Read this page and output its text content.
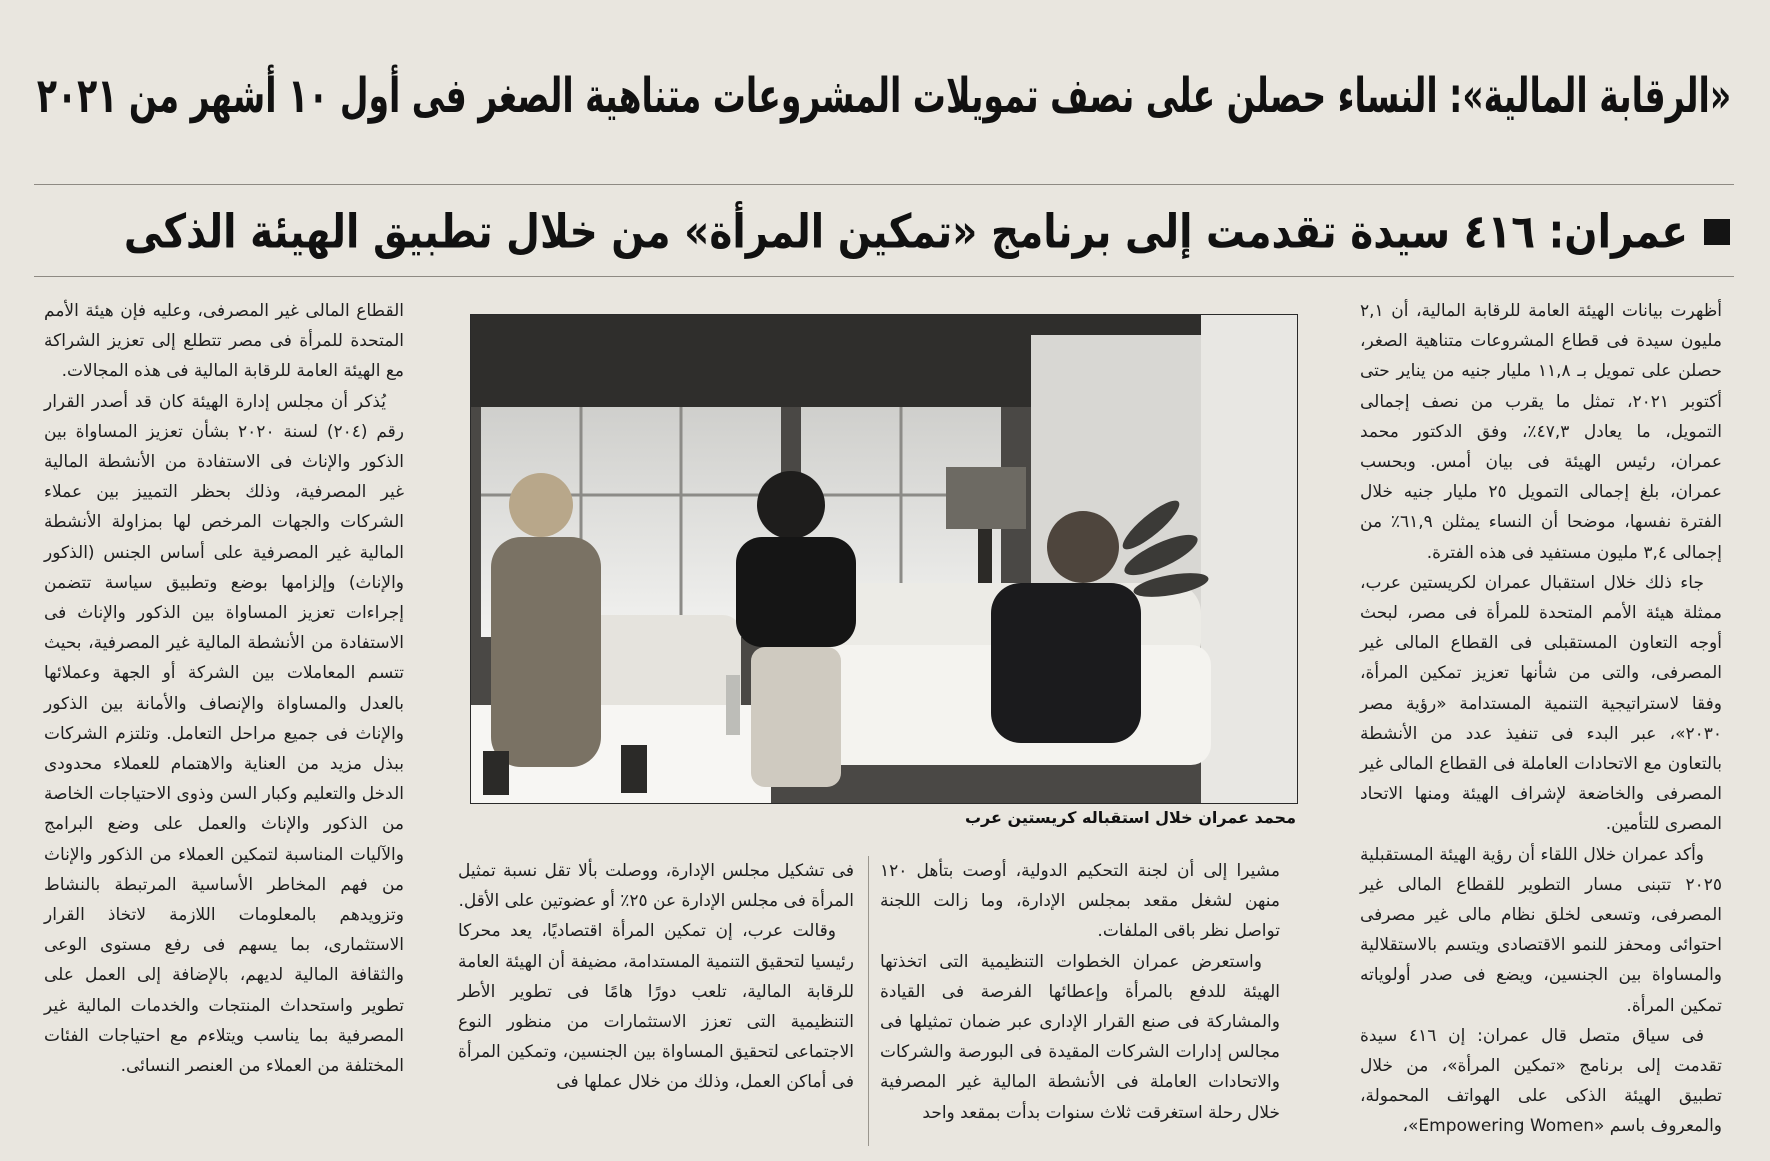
«الرقابة المالية»: النساء حصلن على نصف تمويلات المشروعات متناهية الصغر فى أول ١٠ أشهر من ٢٠٢١
عمران: ٤١٦ سيدة تقدمت إلى برنامج «تمكين المرأة» من خلال تطبيق الهيئة الذكى

أظهرت بيانات الهيئة العامة للرقابة المالية، أن ٢,١ مليون سيدة فى قطاع المشروعات متناهية الصغر، حصلن على تمويل بـ ١١,٨ مليار جنيه من يناير حتى أكتوبر ٢٠٢١، تمثل ما يقرب من نصف إجمالى التمويل، ما يعادل ٤٧,٣٪، وفق الدكتور محمد عمران، رئيس الهيئة فى بيان أمس. وبحسب عمران، بلغ إجمالى التمويل ٢٥ مليار جنيه خلال الفترة نفسها، موضحا أن النساء يمثلن ٦١,٩٪ من إجمالى ٣,٤ مليون مستفيد فى هذه الفترة.

جاء ذلك خلال استقبال عمران لكريستين عرب، ممثلة هيئة الأمم المتحدة للمرأة فى مصر، لبحث أوجه التعاون المستقبلى فى القطاع المالى غير المصرفى، والتى من شأنها تعزيز تمكين المرأة، وفقا لاستراتيجية التنمية المستدامة «رؤية مصر ٢٠٣٠»، عبر البدء فى تنفيذ عدد من الأنشطة بالتعاون مع الاتحادات العاملة فى القطاع المالى غير المصرفى والخاضعة لإشراف الهيئة ومنها الاتحاد المصرى للتأمين.

وأكد عمران خلال اللقاء أن رؤية الهيئة المستقبلية ٢٠٢٥ تتبنى مسار التطوير للقطاع المالى غير المصرفى، وتسعى لخلق نظام مالى غير مصرفى احتوائى ومحفز للنمو الاقتصادى ويتسم بالاستقلالية والمساواة بين الجنسين، ويضع فى صدر أولوياته تمكين المرأة.

فى سياق متصل قال عمران: إن ٤١٦ سيدة تقدمت إلى برنامج «تمكين المرأة»، من خلال تطبيق الهيئة الذكى على الهواتف المحمولة، والمعروف باسم «Empowering Women»،

محمد عمران خلال استقباله كريستين عرب

مشيرا إلى أن لجنة التحكيم الدولية، أوصت بتأهل ١٢٠ منهن لشغل مقعد بمجلس الإدارة، وما زالت اللجنة تواصل نظر باقى الملفات.

واستعرض عمران الخطوات التنظيمية التى اتخذتها الهيئة للدفع بالمرأة وإعطائها الفرصة فى القيادة والمشاركة فى صنع القرار الإدارى عبر ضمان تمثيلها فى مجالس إدارات الشركات المقيدة فى البورصة والشركات والاتحادات العاملة فى الأنشطة المالية غير المصرفية خلال رحلة استغرقت ثلاث سنوات بدأت بمقعد واحد

فى تشكيل مجلس الإدارة، ووصلت بألا تقل نسبة تمثيل المرأة فى مجلس الإدارة عن ٢٥٪ أو عضوتين على الأقل.

وقالت عرب، إن تمكين المرأة اقتصاديًا، يعد محركا رئيسيا لتحقيق التنمية المستدامة، مضيفة أن الهيئة العامة للرقابة المالية، تلعب دورًا هامًا فى تطوير الأطر التنظيمية التى تعزز الاستثمارات من منظور النوع الاجتماعى لتحقيق المساواة بين الجنسين، وتمكين المرأة فى أماكن العمل، وذلك من خلال عملها فى

القطاع المالى غير المصرفى، وعليه فإن هيئة الأمم المتحدة للمرأة فى مصر تتطلع إلى تعزيز الشراكة مع الهيئة العامة للرقابة المالية فى هذه المجالات.

يُذكر أن مجلس إدارة الهيئة كان قد أصدر القرار رقم (٢٠٤) لسنة ٢٠٢٠ بشأن تعزيز المساواة بين الذكور والإناث فى الاستفادة من الأنشطة المالية غير المصرفية، وذلك بحظر التمييز بين عملاء الشركات والجهات المرخص لها بمزاولة الأنشطة المالية غير المصرفية على أساس الجنس (الذكور والإناث) وإلزامها بوضع وتطبيق سياسة تتضمن إجراءات تعزيز المساواة بين الذكور والإناث فى الاستفادة من الأنشطة المالية غير المصرفية، بحيث تتسم المعاملات بين الشركة أو الجهة وعملائها بالعدل والمساواة والإنصاف والأمانة بين الذكور والإناث فى جميع مراحل التعامل. وتلتزم الشركات ببذل مزيد من العناية والاهتمام للعملاء محدودى الدخل والتعليم وكبار السن وذوى الاحتياجات الخاصة من الذكور والإناث والعمل على وضع البرامج والآليات المناسبة لتمكين العملاء من الذكور والإناث من فهم المخاطر الأساسية المرتبطة بالنشاط وتزويدهم بالمعلومات اللازمة لاتخاذ القرار الاستثمارى، بما يسهم فى رفع مستوى الوعى والثقافة المالية لديهم، بالإضافة إلى العمل على تطوير واستحداث المنتجات والخدمات المالية غير المصرفية بما يناسب ويتلاءم مع احتياجات الفئات المختلفة من العملاء من العنصر النسائى.
